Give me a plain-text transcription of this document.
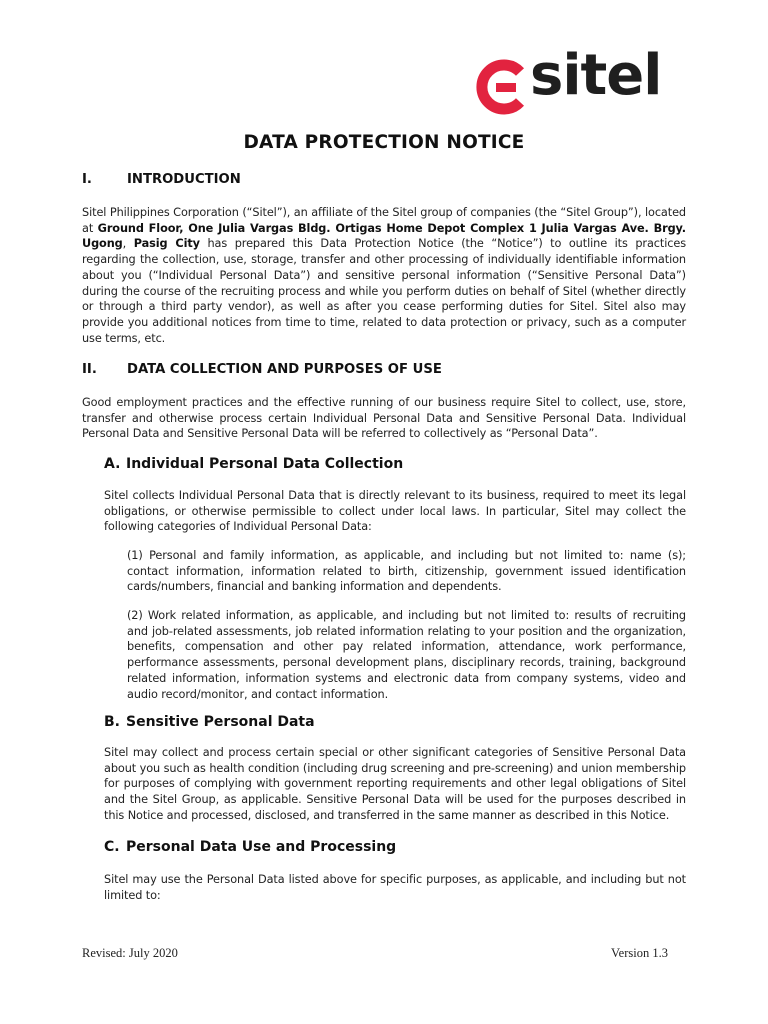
sitel
DATA PROTECTION NOTICE
I.	INTRODUCTION
Sitel Philippines Corporation (“Sitel”), an affiliate of the Sitel group of companies (the “Sitel Group”), located at Ground Floor, One Julia Vargas Bldg. Ortigas Home Depot Complex 1 Julia Vargas Ave. Brgy. Ugong, Pasig City has prepared this Data Protection Notice (the “Notice”) to outline its practices regarding the collection, use, storage, transfer and other processing of individually identifiable information about you (“Individual Personal Data”) and sensitive personal information (“Sensitive Personal Data”) during the course of the recruiting process and while you perform duties on behalf of Sitel (whether directly or through a third party vendor), as well as after you cease performing duties for Sitel. Sitel also may provide you additional notices from time to time, related to data protection or privacy, such as a computer use terms, etc.
II. DATA COLLECTION AND PURPOSES OF USE
Good employment practices and the effective running of our business require Sitel to collect, use, store, transfer and otherwise process certain Individual Personal Data and Sensitive Personal Data. Individual Personal Data and Sensitive Personal Data will be referred to collectively as “Personal Data”.
A. Individual Personal Data Collection
Sitel collects Individual Personal Data that is directly relevant to its business, required to meet its legal obligations, or otherwise permissible to collect under local laws. In particular, Sitel may collect the following categories of Individual Personal Data:
(1) Personal and family information, as applicable, and including but not limited to: name (s); contact information, information related to birth, citizenship, government issued identification cards/numbers, financial and banking information and dependents.
(2) Work related information, as applicable, and including but not limited to: results of recruiting and job-related assessments, job related information relating to your position and the organization, benefits, compensation and other pay related information, attendance, work performance, performance assessments, personal development plans, disciplinary records, training, background related information, information systems and electronic data from company systems, video and audio record/monitor, and contact information.
B. Sensitive Personal Data
Sitel may collect and process certain special or other significant categories of Sensitive Personal Data about you such as health condition (including drug screening and pre-screening) and union membership for purposes of complying with government reporting requirements and other legal obligations of Sitel and the Sitel Group, as applicable. Sensitive Personal Data will be used for the purposes described in this Notice and processed, disclosed, and transferred in the same manner as described in this Notice.
C. Personal Data Use and Processing
Sitel may use the Personal Data listed above for specific purposes, as applicable, and including but not limited to:
Revised: July 2020	Version 1.3
